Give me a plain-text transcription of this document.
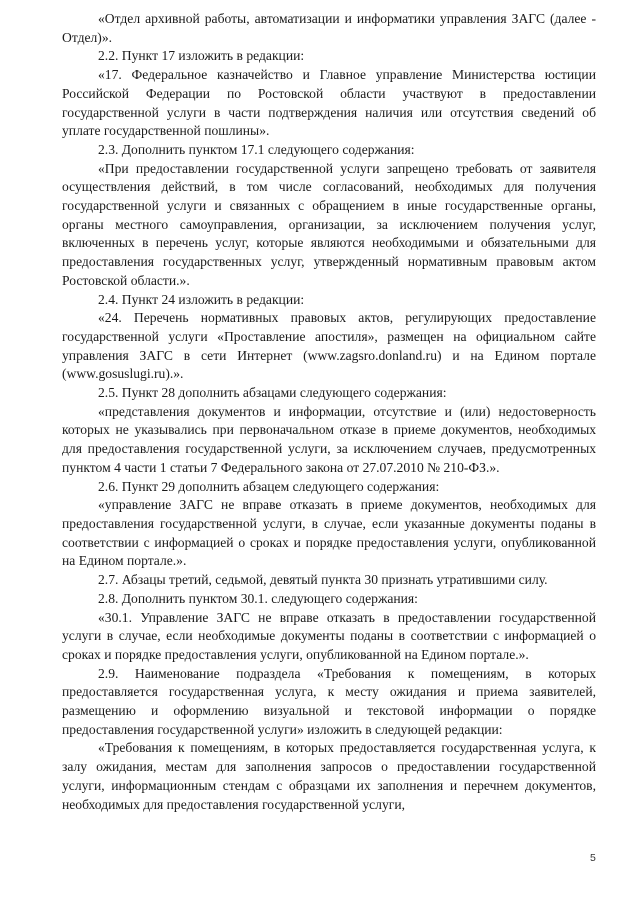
«Отдел архивной работы, автоматизации и информатики управления ЗАГС (далее - Отдел)».

2.2. Пункт 17 изложить в редакции:

«17. Федеральное казначейство и Главное управление Министерства юстиции Российской Федерации по Ростовской области участвуют в предоставлении государственной услуги в части подтверждения наличия или отсутствия сведений об уплате государственной пошлины».

2.3. Дополнить пунктом 17.1 следующего содержания:

«При предоставлении государственной услуги запрещено требовать от заявителя осуществления действий, в том числе согласований, необходимых для получения государственной услуги и связанных с обращением в иные государственные органы, органы местного самоуправления, организации, за исключением получения услуг, включенных в перечень услуг, которые являются необходимыми и обязательными для предоставления государственных услуг, утвержденный нормативным правовым актом Ростовской области.».

2.4. Пункт 24 изложить в редакции:

«24. Перечень нормативных правовых актов, регулирующих предоставление государственной услуги «Проставление апостиля», размещен на официальном сайте управления ЗАГС в сети Интернет (www.zagsro.donland.ru) и на Едином портале (www.gosuslugi.ru).».

2.5. Пункт 28 дополнить абзацами следующего содержания:

«представления документов и информации, отсутствие и (или) недостоверность которых не указывались при первоначальном отказе в приеме документов, необходимых для предоставления государственной услуги, за исключением случаев, предусмотренных пунктом 4 части 1 статьи 7 Федерального закона от 27.07.2010 № 210-ФЗ.».

2.6. Пункт 29 дополнить абзацем следующего содержания:

«управление ЗАГС не вправе отказать в приеме документов, необходимых для предоставления государственной услуги, в случае, если указанные документы поданы в соответствии с информацией о сроках и порядке предоставления услуги, опубликованной на Едином портале.».

2.7. Абзацы третий, седьмой, девятый пункта 30 признать утратившими силу.

2.8. Дополнить пунктом 30.1. следующего содержания:

«30.1. Управление ЗАГС не вправе отказать в предоставлении государственной услуги в случае, если необходимые документы поданы в соответствии с информацией о сроках и порядке предоставления услуги, опубликованной на Едином портале.».

2.9. Наименование подраздела «Требования к помещениям, в которых предоставляется государственная услуга, к месту ожидания и приема заявителей, размещению и оформлению визуальной и текстовой информации о порядке предоставления государственной услуги» изложить в следующей редакции:

«Требования к помещениям, в которых предоставляется государственная услуга, к залу ожидания, местам для заполнения запросов о предоставлении государственной услуги, информационным стендам с образцами их заполнения и перечнем документов, необходимых для предоставления государственной услуги,

5
